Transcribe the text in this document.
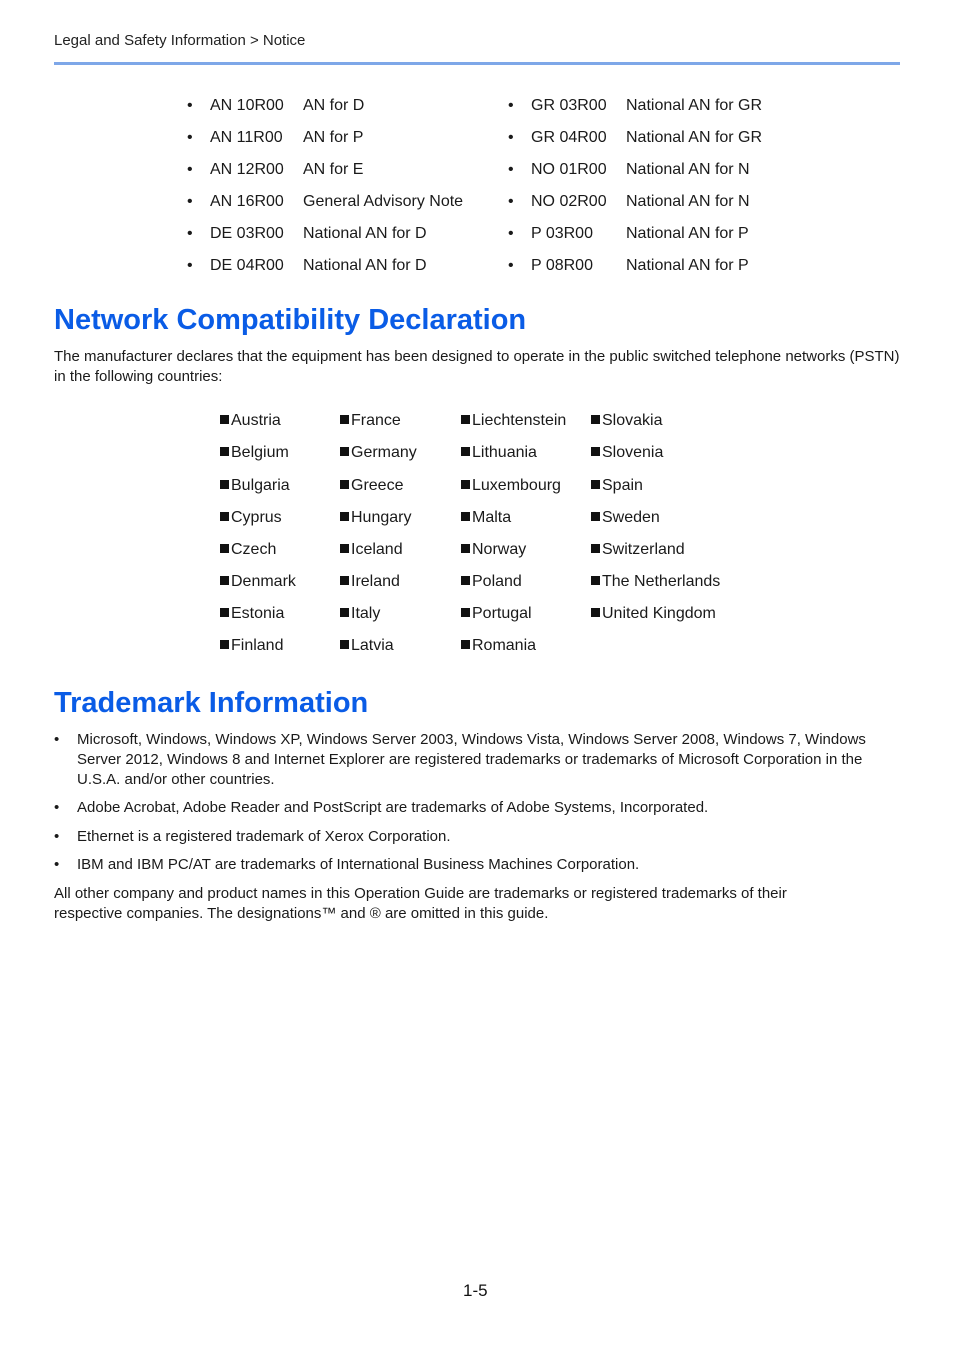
Legal and Safety Information > Notice
• AN 10R00 AN for D
• AN 11R00 AN for P
• AN 12R00 AN for E
• AN 16R00 General Advisory Note
• DE 03R00 National AN for D
• DE 04R00 National AN for D
• GR 03R00 National AN for GR
• GR 04R00 National AN for GR
• NO 01R00 National AN for N
• NO 02R00 National AN for N
• P 03R00 National AN for P
• P 08R00 National AN for P
Network Compatibility Declaration

The manufacturer declares that the equipment has been designed to operate in the public switched telephone networks (PSTN) in the following countries:

Austria
Belgium
Bulgaria
Cyprus
Czech
Denmark
Estonia
Finland
France
Germany
Greece
Hungary
Iceland
Ireland
Italy
Latvia
Liechtenstein
Lithuania
Luxembourg
Malta
Norway
Poland
Portugal
Romania
Slovakia
Slovenia
Spain
Sweden
Switzerland
The Netherlands
United Kingdom
Trademark Information
• Microsoft, Windows, Windows XP, Windows Server 2003, Windows Vista, Windows Server 2008, Windows 7, Windows Server 2012, Windows 8 and Internet Explorer are registered trademarks or trademarks of Microsoft Corporation in the U.S.A. and/or other countries.
• Adobe Acrobat, Adobe Reader and PostScript are trademarks of Adobe Systems, Incorporated.
• Ethernet is a registered trademark of Xerox Corporation.
• IBM and IBM PC/AT are trademarks of International Business Machines Corporation.

All other company and product names in this Operation Guide are trademarks or registered trademarks of their respective companies. The designations™ and ® are omitted in this guide.

1-5
